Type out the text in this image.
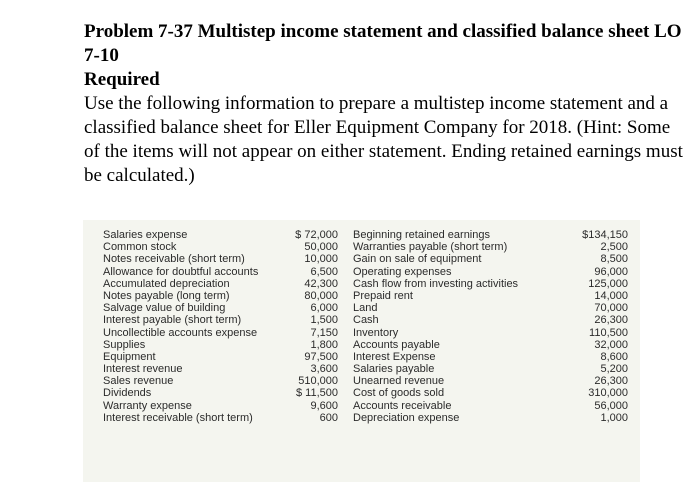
Problem 7-37 Multistep income statement and classified balance sheet LO 7-10

Required

Use the following information to prepare a multistep income statement and a classified balance sheet for Eller Equipment Company for 2018. (Hint: Some of the items will not appear on either statement. Ending retained earnings must be calculated.)

Salaries expense	$ 72,000 Beginning retained earnings	$134,150
Common stock	50,000 Warranties payable (short term)	2,500
Notes receivable (short term)	10,000 Gain on sale of equipment	8,500
Allowance for doubtful accounts	6,500 Operating expenses	96,000
Accumulated depreciation	42,300 Cash flow from investing activities	125,000
Notes payable (long term)	80,000 Prepaid rent	14,000
Salvage value of building	6,000 Land	70,000
Interest payable (short term)	1,500 Cash	26,300
Uncollectible accounts expense	7,150 Inventory	110,500
Supplies	1,800 Accounts payable	32,000
Equipment	97,500 Interest Expense	8,600
Interest revenue	3,600 Salaries payable	5,200
Sales revenue	510,000 Unearned revenue	26,300
Dividends	$ 11,500 Cost of goods sold	310,000
Warranty expense	9,600 Accounts receivable	56,000
Interest receivable (short term)	600 Depreciation expense	1,000
